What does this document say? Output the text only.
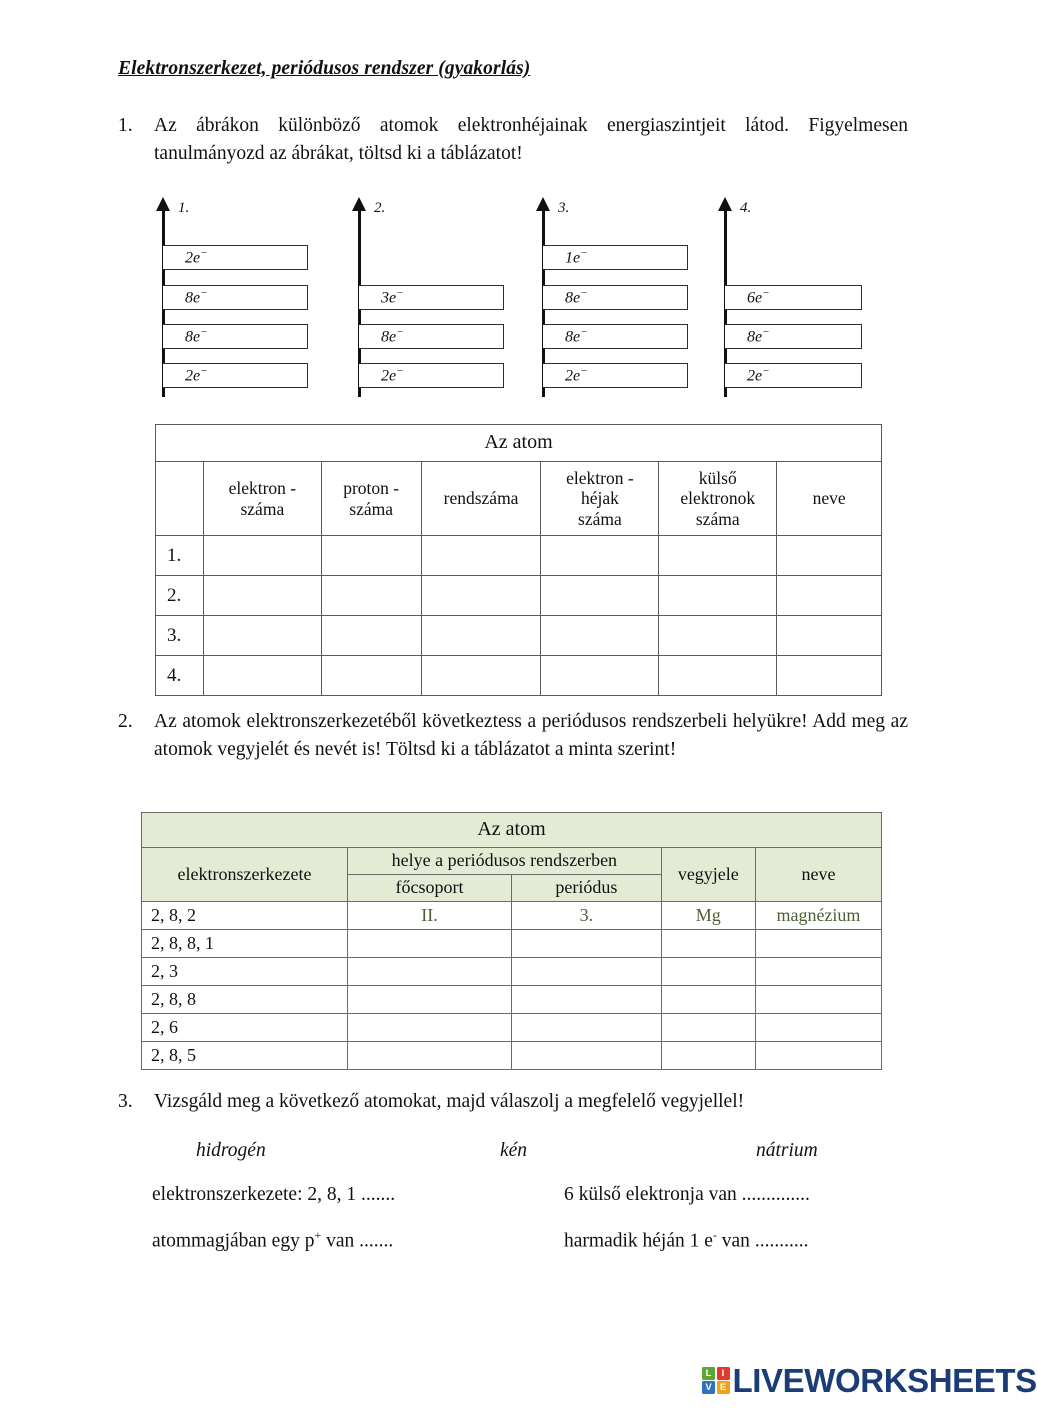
Elektronszerkezet, periódusos rendszer (gyakorlás)
1.	Az ábrákon különböző atomok elektronhéjainak energiaszintjeit látod. Figyelmesen tanulmányozd az ábrákat, töltsd ki a táblázatot!
1.
2e−
8e−
8e−
2e−
2.
3e−
8e−
2e−
3.
1e−
8e−
8e−
2e−
4.
6e−
8e−
2e−
Az atom						
	elektron -
száma	proton -
száma	rendszáma	elektron -
héjak
száma	külső
elektronok
száma	neve
1.						
2.						
3.						
4.						
2.	Az atomok elektronszerkezetéből következtess a periódusos rendszerbeli helyükre! Add meg az atomok vegyjelét és nevét is! Töltsd ki a táblázatot a minta szerint!
Az atom				
elektronszerkezete	helye a periódusos rendszerben		vegyjele	neve
	főcsoport	periódus		
2, 8, 2	II.	3.	Mg	magnézium
2, 8, 8, 1				
2, 3				
2, 8, 8				
2, 6				
2, 8, 5				
3.	Vizsgáld meg a következő atomokat, majd válaszolj a megfelelő vegyjellel!
hidrogén	kén	nátrium
elektronszerkezete: 2, 8, 1 .......	6 külső elektronja van ..............
atommagjában egy p+ van .......	harmadik héján 1 e- van ...........
L	I
V E LIVEWORKSHEETS
